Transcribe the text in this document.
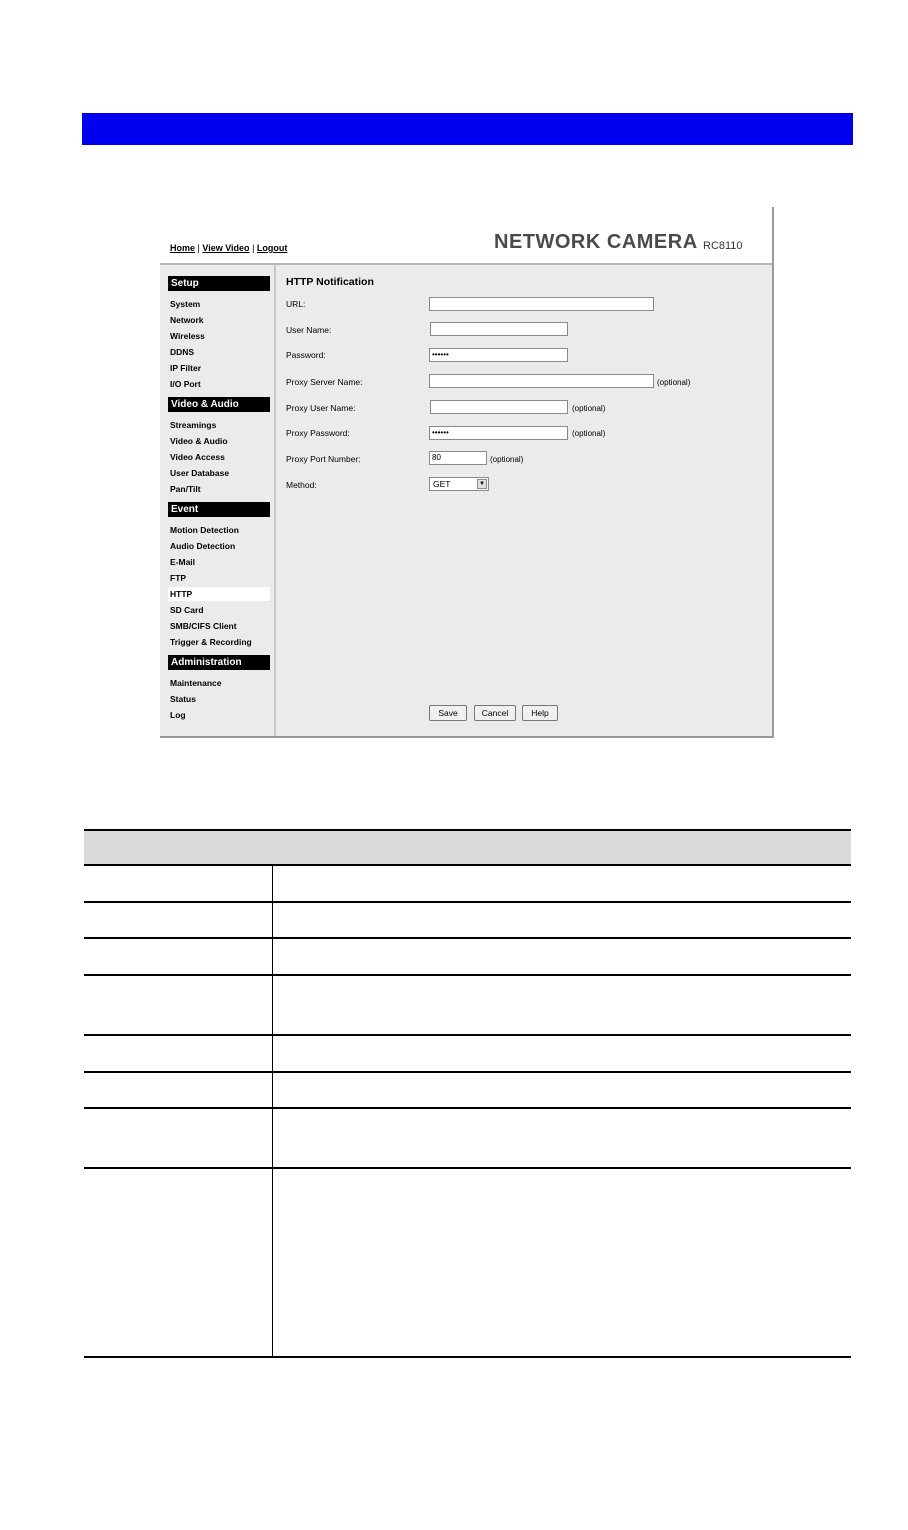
Home | View Video | Logout	NETWORK CAMERA RC8110
Setup
System
Network
Wireless
DDNS
IP Filter
I/O Port
Video & Audio
Streamings
Video & Audio
Video Access
User Database
Pan/Tilt
Event
Motion Detection
Audio Detection
E-Mail
FTP
HTTP
SD Card
SMB/CIFS Client
Trigger & Recording
Administration
Maintenance
Status
Log
HTTP Notification
URL:
User Name:
Password:	••••••
Proxy Server Name:	(optional)
Proxy User Name:	(optional)
Proxy Password:	••••••	(optional)
Proxy Port Number:	80	(optional)
Method:	GET	▼
Save	Cancel	Help
